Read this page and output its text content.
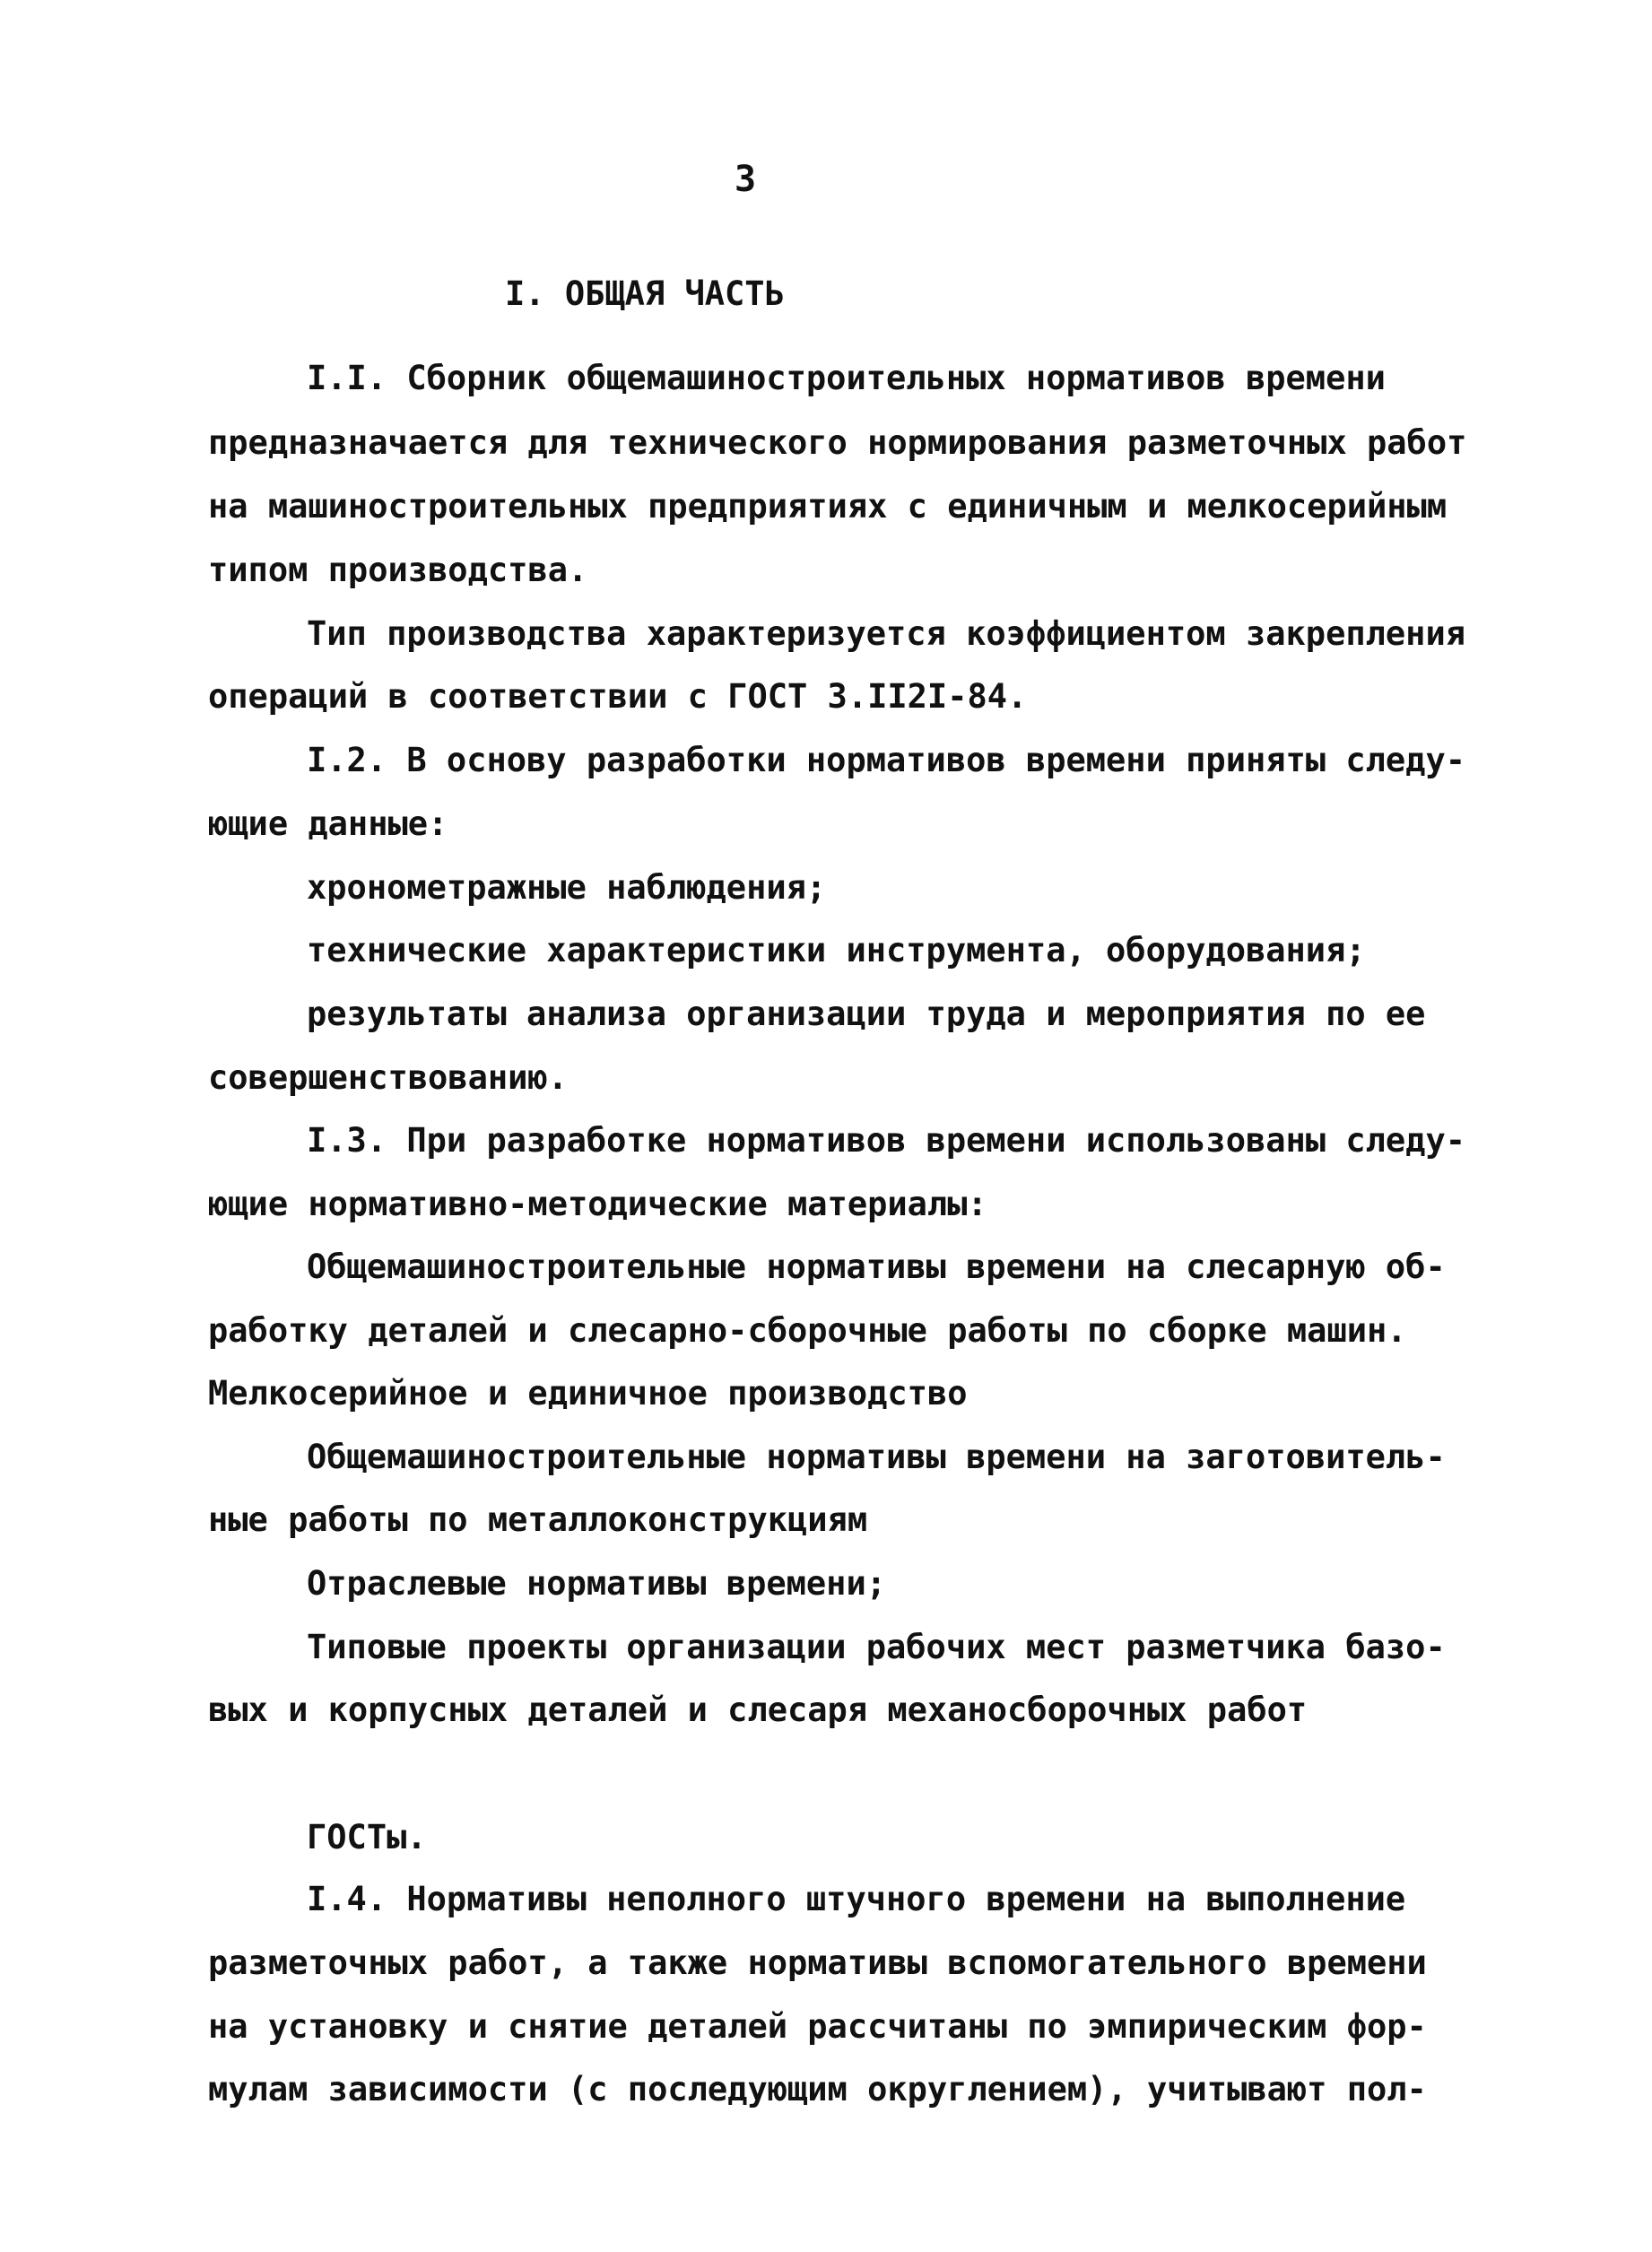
3
I. ОБЩАЯ ЧАСТЬ
I.I. Сборник общемашиностроительных нормативов времени
предназначается для технического нормирования разметочных работ
на машиностроительных предприятиях с единичным и мелкосерийным
типом производства.
Тип производства характеризуется коэффициентом закрепления
операций в соответствии с ГОСТ 3.II2I-84.
I.2. В основу разработки нормативов времени приняты следу-
ющие данные:
хронометражные наблюдения;
технические характеристики инструмента, оборудования;
результаты анализа организации труда и мероприятия по ее
совершенствованию.
I.3. При разработке нормативов времени использованы следу-
ющие нормативно-методические материалы:
Общемашиностроительные нормативы времени на слесарную об-
работку деталей и слесарно-сборочные работы по сборке машин.
Мелкосерийное и единичное производство
Общемашиностроительные нормативы времени на заготовитель-
ные работы по металлоконструкциям
Отраслевые нормативы времени;
Типовые проекты организации рабочих мест разметчика базо-
вых и корпусных деталей и слесаря механосборочных работ
ГОСТы.
I.4. Нормативы неполного штучного времени на выполнение
разметочных работ, а также нормативы вспомогательного времени
на установку и снятие деталей рассчитаны по эмпирическим фор-
мулам зависимости (с последующим округлением), учитывают пол-
